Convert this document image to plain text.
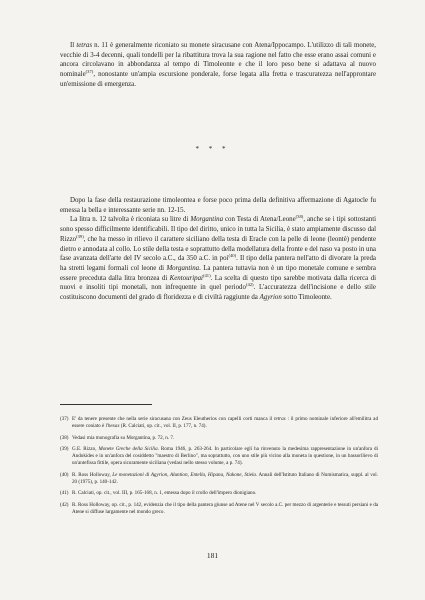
Il tetras n. 11 è generalmente riconiato su monete siracusane con Atena/Ippocampo. L'utilizzo di tali monete, vecchie di 3-4 decenni, quali tondelli per la ribattitura trova la sua ragione nel fatto che esse erano assai comuni e ancora circolavano in abbondanza al tempo di Timoleonte e che il loro peso bene si adattava al nuovo nominale$^{(37)}$, nonostante un'ampia escursione ponderale, forse legata alla fretta e trascuratezza nell'approntare un'emissione di emergenza.

* * *

Dopo la fase della restaurazione timoleontea e forse poco prima della definitiva affermazione di Agatocle fu emessa la bella e interessante serie nn. 12-15.

La litra n. 12 talvolta è riconiata su litre di Morgantina con Testa di Atena/Leone$^{(38)}$, anche se i tipi sottostanti sono spesso difficilmente identificabili. Il tipo del diritto, unico in tutta la Sicilia, è stato ampiamente discusso dal Rizzo$^{(39)}$, che ha messo in rilievo il carattere siciliano della testa di Eracle con la pelle di leone (leontè) pendente dietro e annodata al collo. Lo stile della testa e soprattutto della modellatura della fronte e del naso va posto in una fase avanzata dell'arte del IV secolo a.C., da 350 a.C. in poi$^{(40)}$. Il tipo della pantera nell'atto di divorare la preda ha stretti legami formali col leone di Morgantina. La pantera tuttavia non è un tipo monetale comune e sembra essere preceduta dalla litra bronzea di Kentouripai$^{(41)}$. La scelta di questo tipo sarebbe motivata dalla ricerca di nuovi e insoliti tipi monetali, non infrequente in quel periodo$^{(42)}$. L'accuratezza dell'incisione e dello stile costituiscono documenti del grado di floridezza e di civiltà raggiunte da Agyrion sotto Timoleonte.

(37) E' da tenere presente che nella serie siracusana con Zeus Eleutherios con capelli corti manca il tetras : il primo nominale inferiore all'emilitra ad essere coniato è l'hexas (R. Calciati, op. cit., vol. II, p. 177, n. 74).
(38) Vedasi mia monografia su Morgantina, p. 72, n. 7.
(39) G.E. Rizzo, Monete Greche della Sicilia. Roma 1946, p. 263-264. In particolare egli ha rinvenuto la medesima rappresentazione in un'anfora di Andokides e in un'anfora del cosiddetto "maestro di Berlino", ma soprattutto, con uno stile più vicino alla moneta in questione, in un bassorilievo di un'antefissa fittile, opera sicuramente siciliana (vedasi nello stesso volume, a p. 74).
(40) R. Ross Holloway, Le monetazioni di Agyrion, Aluntion, Entella, Hipana, Nakone, Stiela. Annali dell'Istituto Italiano di Numismatica, suppl. al vol. 20 (1975), p. 140-142.
(41) R. Calciati, op. cit., vol. III, p. 165-168, n. 1, emessa dopo il crollo dell'impero dionigiano.
(42) R. Ross Holloway, op. cit., p. 142, evidenzia che il tipo della pantera giunse ad Atene nel V secolo a.C. per mezzo di argenterie e tessuti persiani e da Atene si diffuse largamente nel mondo greco.
181
